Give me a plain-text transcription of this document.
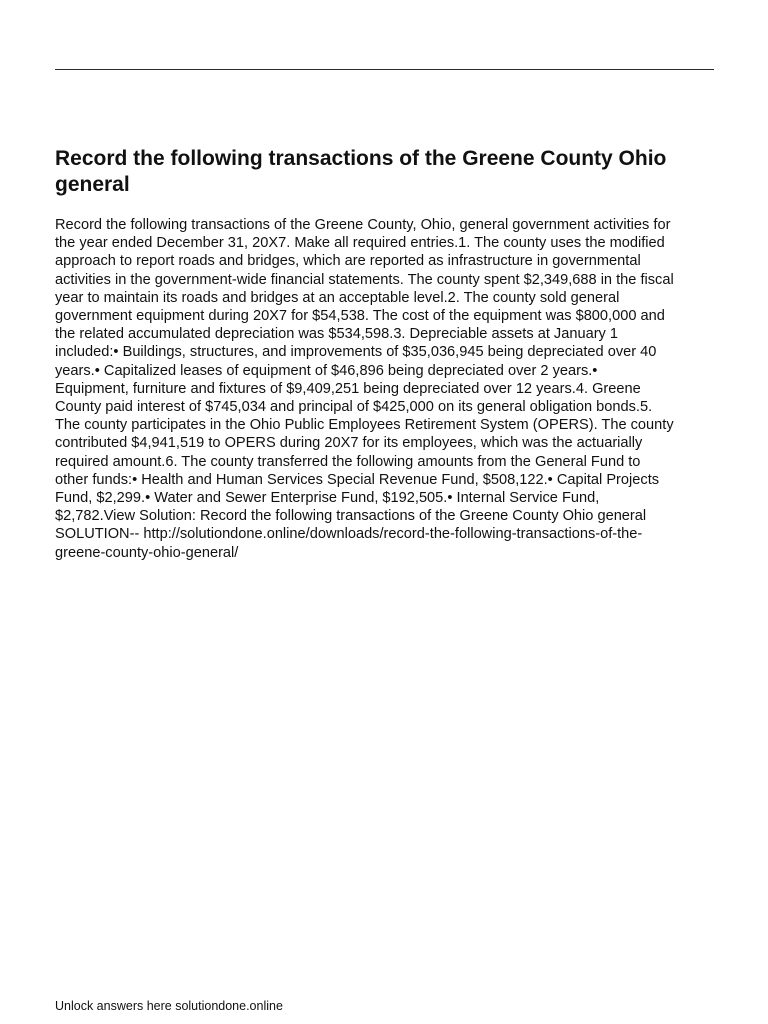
Record the following transactions of the Greene County Ohio general

Record the following transactions of the Greene County, Ohio, general government activities for
the year ended December 31, 20X7. Make all required entries.1. The county uses the modified
approach to report roads and bridges, which are reported as infrastructure in governmental
activities in the government-wide financial statements. The county spent $2,349,688 in the fiscal
year to maintain its roads and bridges at an acceptable level.2. The county sold general
government equipment during 20X7 for $54,538. The cost of the equipment was $800,000 and
the related accumulated depreciation was $534,598.3. Depreciable assets at January 1
included:• Buildings, structures, and improvements of $35,036,945 being depreciated over 40
years.• Capitalized leases of equipment of $46,896 being depreciated over 2 years.•
Equipment, furniture and fixtures of $9,409,251 being depreciated over 12 years.4. Greene
County paid interest of $745,034 and principal of $425,000 on its general obligation bonds.5.
The county participates in the Ohio Public Employees Retirement System (OPERS). The county
contributed $4,941,519 to OPERS during 20X7 for its employees, which was the actuarially
required amount.6. The county transferred the following amounts from the General Fund to
other funds:• Health and Human Services Special Revenue Fund, $508,122.• Capital Projects
Fund, $2,299.• Water and Sewer Enterprise Fund, $192,505.• Internal Service Fund,
$2,782.View Solution: Record the following transactions of the Greene County Ohio general
SOLUTION-- http://solutiondone.online/downloads/record-the-following-transactions-of-the-
greene-county-ohio-general/

Unlock answers here solutiondone.online
